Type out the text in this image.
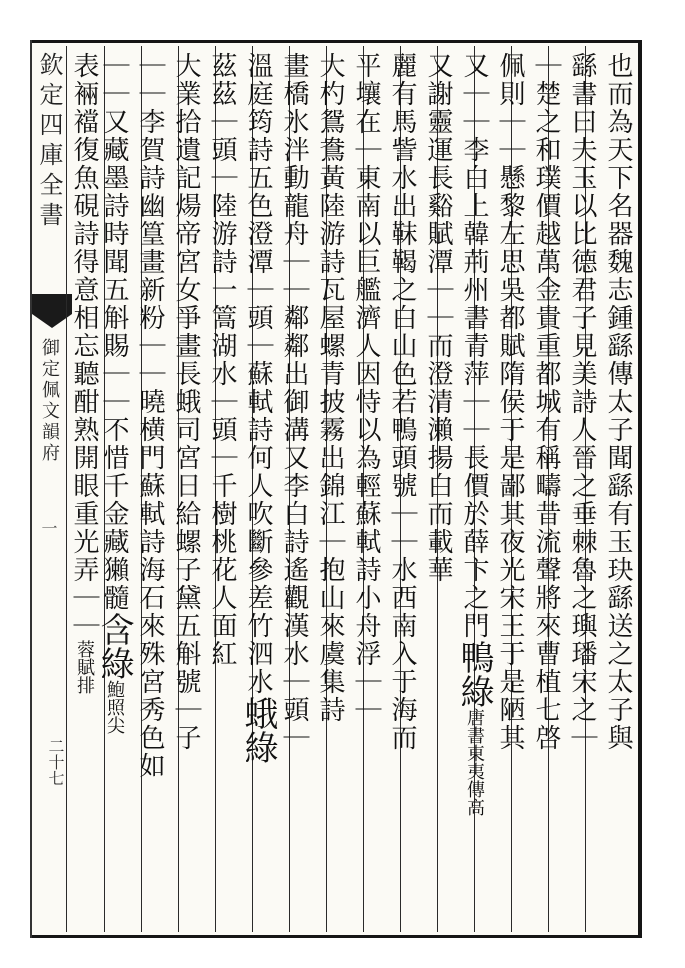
欽定四庫全書
御定佩文韻府
一
二十七
也而為天下名器魏志鍾繇傳太子聞繇有玉玦繇送之太子與
繇書曰夫玉以比德君子見美詩人晉之垂棘魯之璵璠宋之｜
｜楚之和璞價越萬金貴重都城有稱疇昔流聲將來曹植七啓
佩則｜｜懸黎左思吳都賦隋侯于是鄙其夜光宋王于是陋其
又｜｜李白上韓荊州書青萍｜｜長價於薛卞之門鴨綠唐書東夷傳高
又謝靈運長谿賦潭｜｜而澄清瀨揚白而載華
麗有馬訾水出靺鞨之白山色若鴨頭號｜｜水西南入于海而
平壤在｜東南以巨艦濟人因恃以為輕蘇軾詩小舟浮｜｜
大杓鴛鴦黃陸游詩瓦屋螺青披霧出錦江｜抱山來虞集詩
畫橋氷泮動龍舟｜｜鄰鄰出御溝又李白詩遙觀漢水｜頭｜
溫庭筠詩五色澄潭｜頭｜蘇軾詩何人吹斷參差竹泗水蛾綠
茲茲｜頭｜陸游詩一篙湖水｜頭｜千樹桃花人面紅
大業拾遺記煬帝宮女爭畫長蛾司宮日給螺子黛五斛號｜子
｜｜李賀詩幽篁畫新粉｜｜曉横門蘇軾詩海石來殊宮秀色如
｜｜又藏墨詩時聞五斛賜｜｜不惜千金藏獺髓含綠鮑照尖
表裲襠復魚硯詩得意相忘聽酣熟開眼重光弄｜｜蓉賦排
